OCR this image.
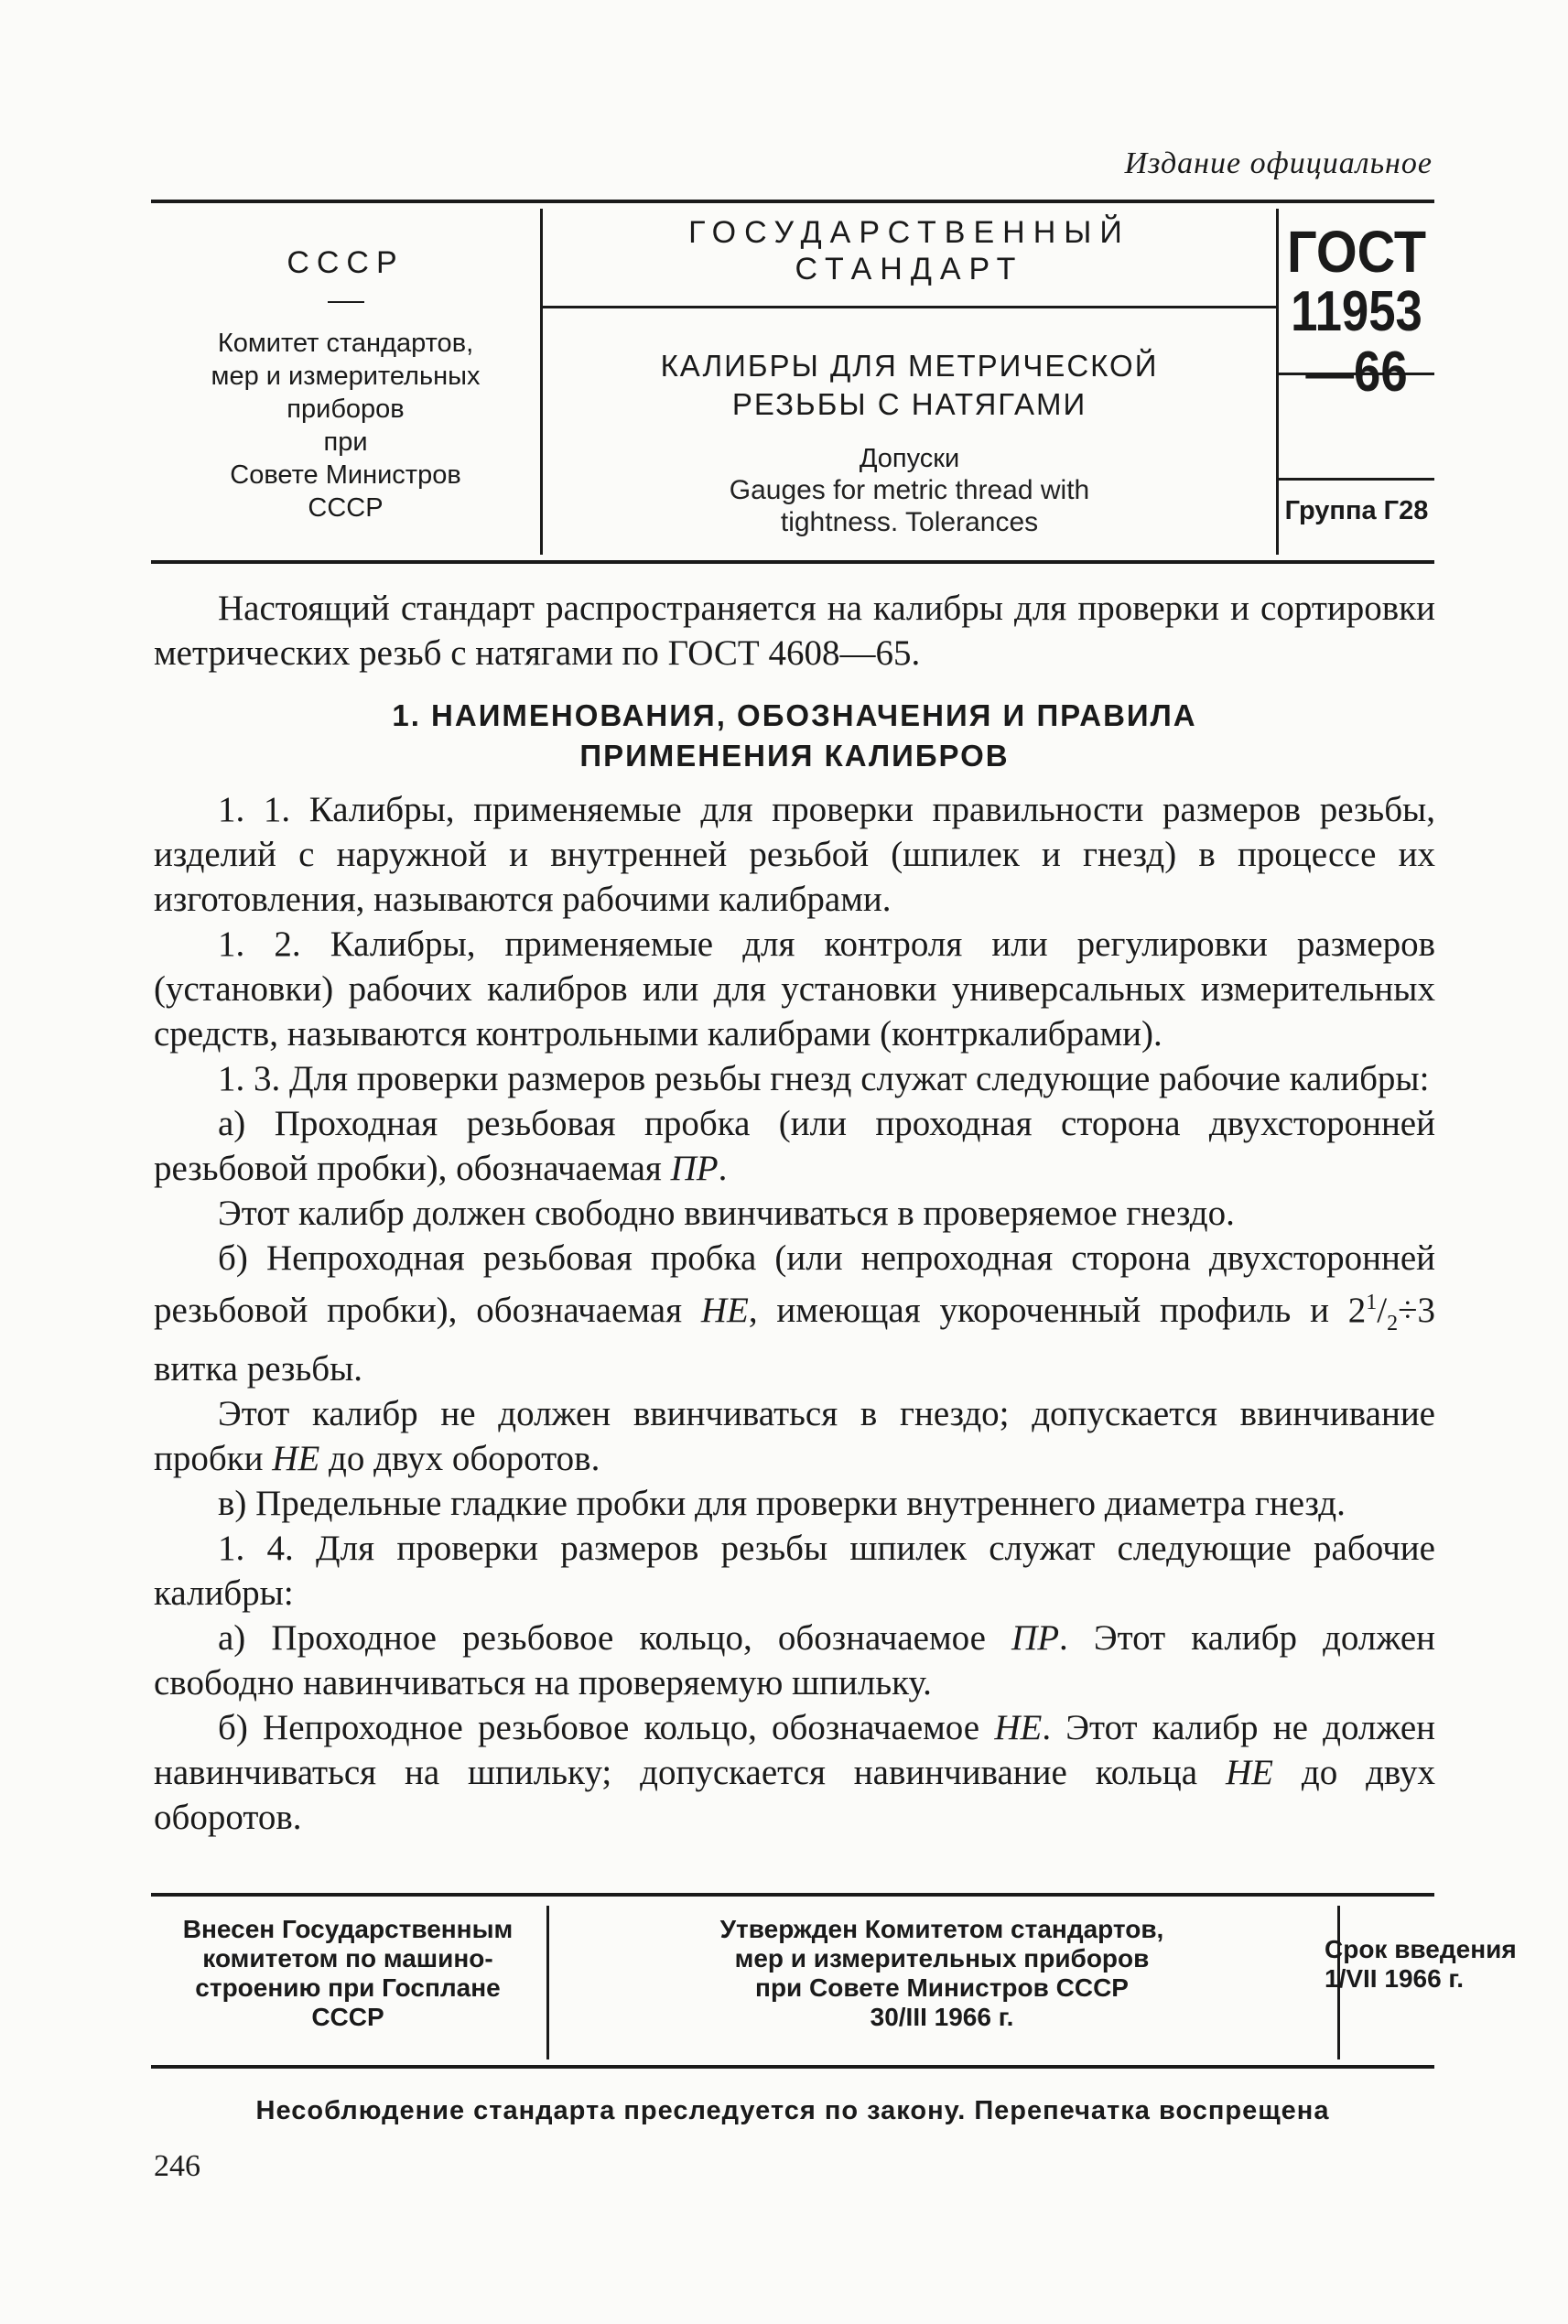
Издание официальное
СССР
Комитет стандартов,
мер и измерительных
приборов
при
Совете Министров
СССР
ГОСУДАРСТВЕННЫЙ
СТАНДАРТ
КАЛИБРЫ ДЛЯ МЕТРИЧЕСКОЙ
РЕЗЬБЫ С НАТЯГАМИ
Допуски
Gauges for metric thread with
tightness. Tolerances
ГОСТ
11953—66
Группа Г28

Настоящий стандарт распространяется на калибры для проверки и сортировки метрических резьб с натягами по ГОСТ 4608—65.

1. НАИМЕНОВАНИЯ, ОБОЗНАЧЕНИЯ И ПРАВИЛА
ПРИМЕНЕНИЯ КАЛИБРОВ

1. 1. Калибры, применяемые для проверки правильности размеров резьбы, изделий с наружной и внутренней резьбой (шпилек и гнезд) в процессе их изготовления, называются рабочими калибрами.

1. 2. Калибры, применяемые для контроля или регулировки размеров (установки) рабочих калибров или для установки универсальных измерительных средств, называются контрольными калибрами (контркалибрами).

1. 3. Для проверки размеров резьбы гнезд служат следующие рабочие калибры:

а) Проходная резьбовая пробка (или проходная сторона двухсторонней резьбовой пробки), обозначаемая ПР.

Этот калибр должен свободно ввинчиваться в проверяемое гнездо.

б) Непроходная резьбовая пробка (или непроходная сторона двухсторонней резьбовой пробки), обозначаемая НЕ, имеющая укороченный профиль и $2^1/_2\div 3$ витка резьбы.

Этот калибр не должен ввинчиваться в гнездо; допускается ввинчивание пробки НЕ до двух оборотов.

в) Предельные гладкие пробки для проверки внутреннего диаметра гнезд.

1. 4. Для проверки размеров резьбы шпилек служат следующие рабочие калибры:

а) Проходное резьбовое кольцо, обозначаемое ПР. Этот калибр должен свободно навинчиваться на проверяемую шпильку.

б) Непроходное резьбовое кольцо, обозначаемое НЕ. Этот калибр не должен навинчиваться на шпильку; допускается навинчивание кольца НЕ до двух оборотов.

Внесен Государственным
комитетом по машино-
строению при Госплане
СССР
Утвержден Комитетом стандартов,
мер и измерительных приборов
при Совете Министров СССР
30/III 1966 г.
Срок введения
1/VII 1966 г.
Несоблюдение стандарта преследуется по закону. Перепечатка воспрещена
246
